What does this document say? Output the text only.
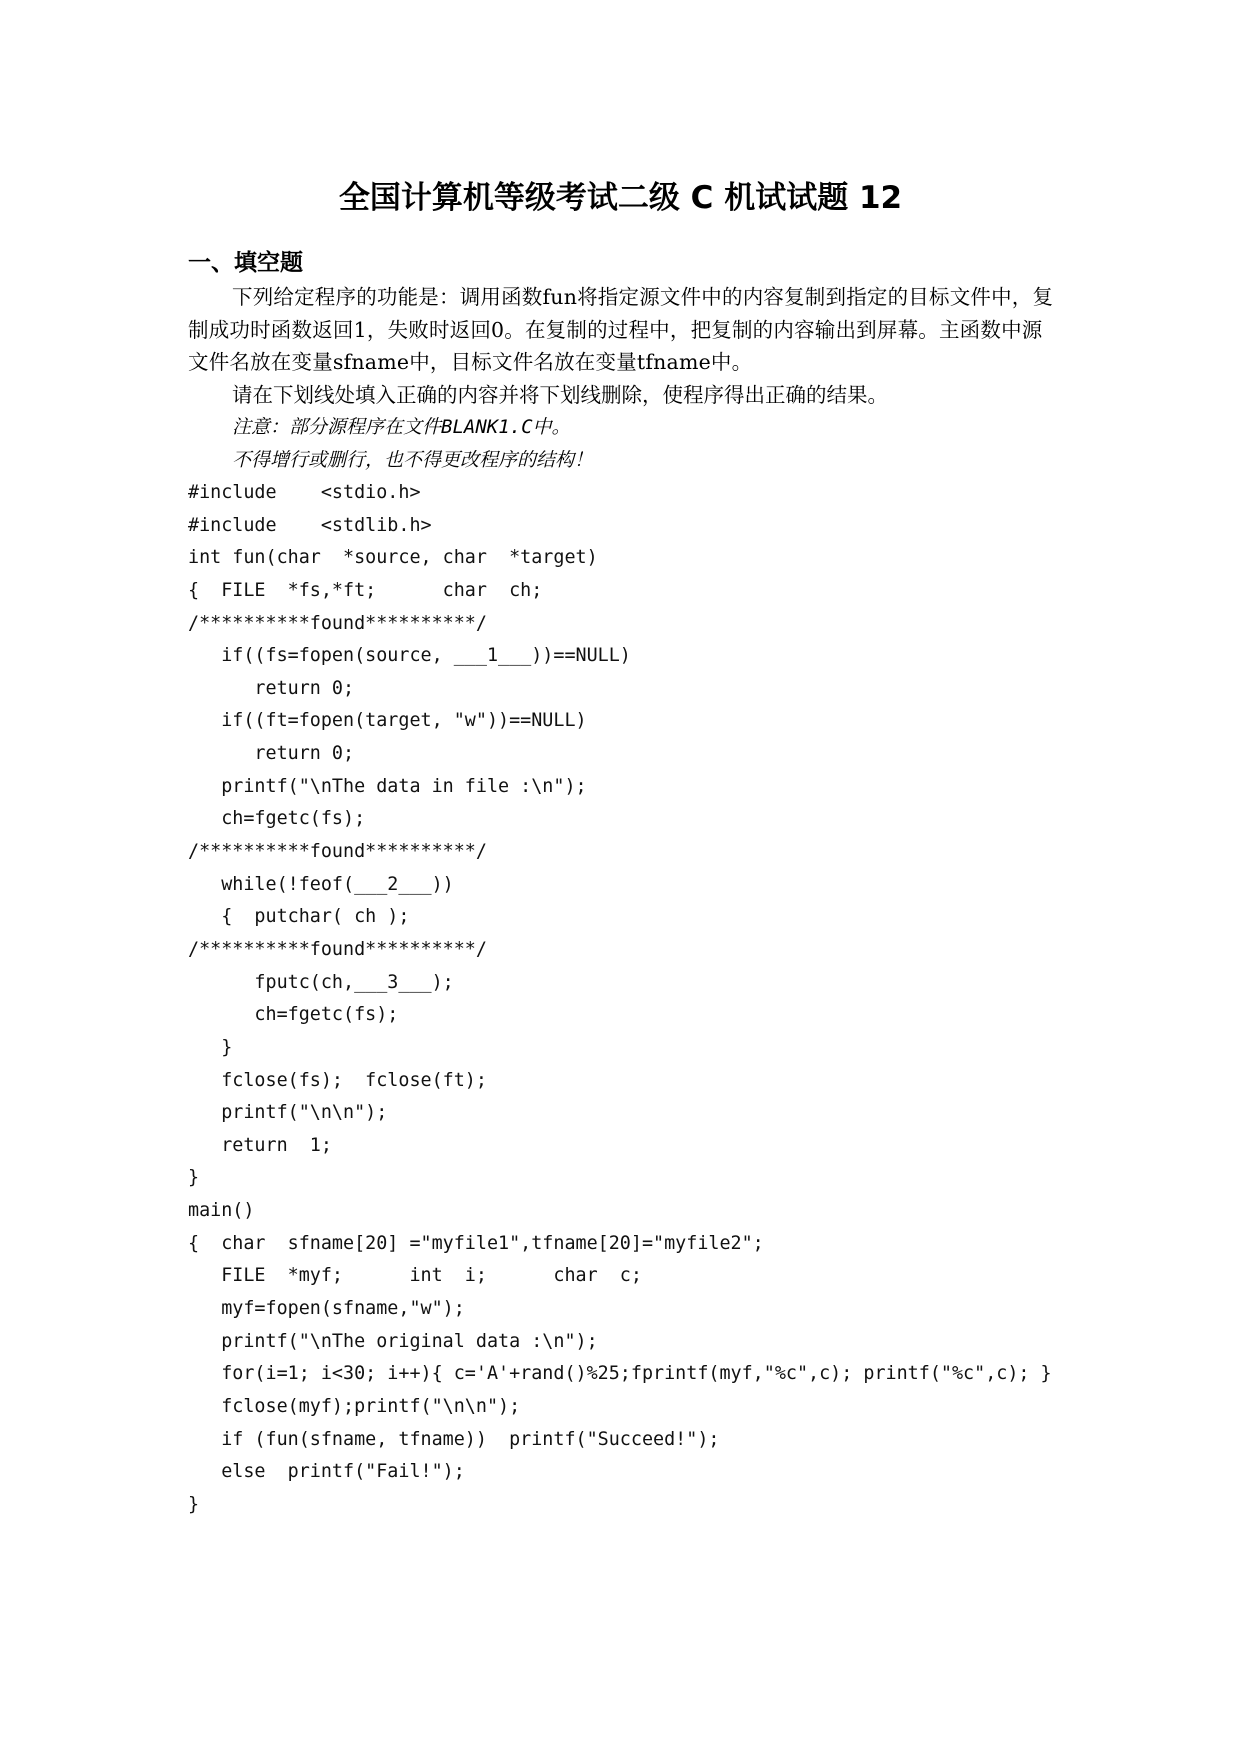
全国计算机等级考试二级 C 机试试题 12
一、填空题
下列给定程序的功能是：调用函数fun将指定源文件中的内容复制到指定的目标文件中，复制成功时函数返回1，失败时返回0。在复制的过程中，把复制的内容输出到屏幕。主函数中源文件名放在变量sfname中，目标文件名放在变量tfname中。
请在下划线处填入正确的内容并将下划线删除，使程序得出正确的结果。
注意：部分源程序在文件BLANK1.C中。
不得增行或删行，也不得更改程序的结构！
#include    <stdio.h>
#include    <stdlib.h>
int fun(char  *source, char  *target)
{  FILE  *fs,*ft;      char  ch;
/**********found**********/
if((fs=fopen(source, ___1___))==NULL)
return 0;
if((ft=fopen(target, "w"))==NULL)
return 0;
printf("\nThe data in file :\n");
ch=fgetc(fs);
/**********found**********/
while(!feof(___2___))
{  putchar( ch );
/**********found**********/
fputc(ch,___3___);
ch=fgetc(fs);
}
fclose(fs);  fclose(ft);
printf("\n\n");
return  1;
}
main()
{  char  sfname[20] ="myfile1",tfname[20]="myfile2";
FILE  *myf;      int  i;      char  c;
myf=fopen(sfname,"w");
printf("\nThe original data :\n");
for(i=1; i<30; i++){ c='A'+rand()%25;fprintf(myf,"%c",c); printf("%c",c); }
fclose(myf);printf("\n\n");
if (fun(sfname, tfname))  printf("Succeed!");
else  printf("Fail!");
}
